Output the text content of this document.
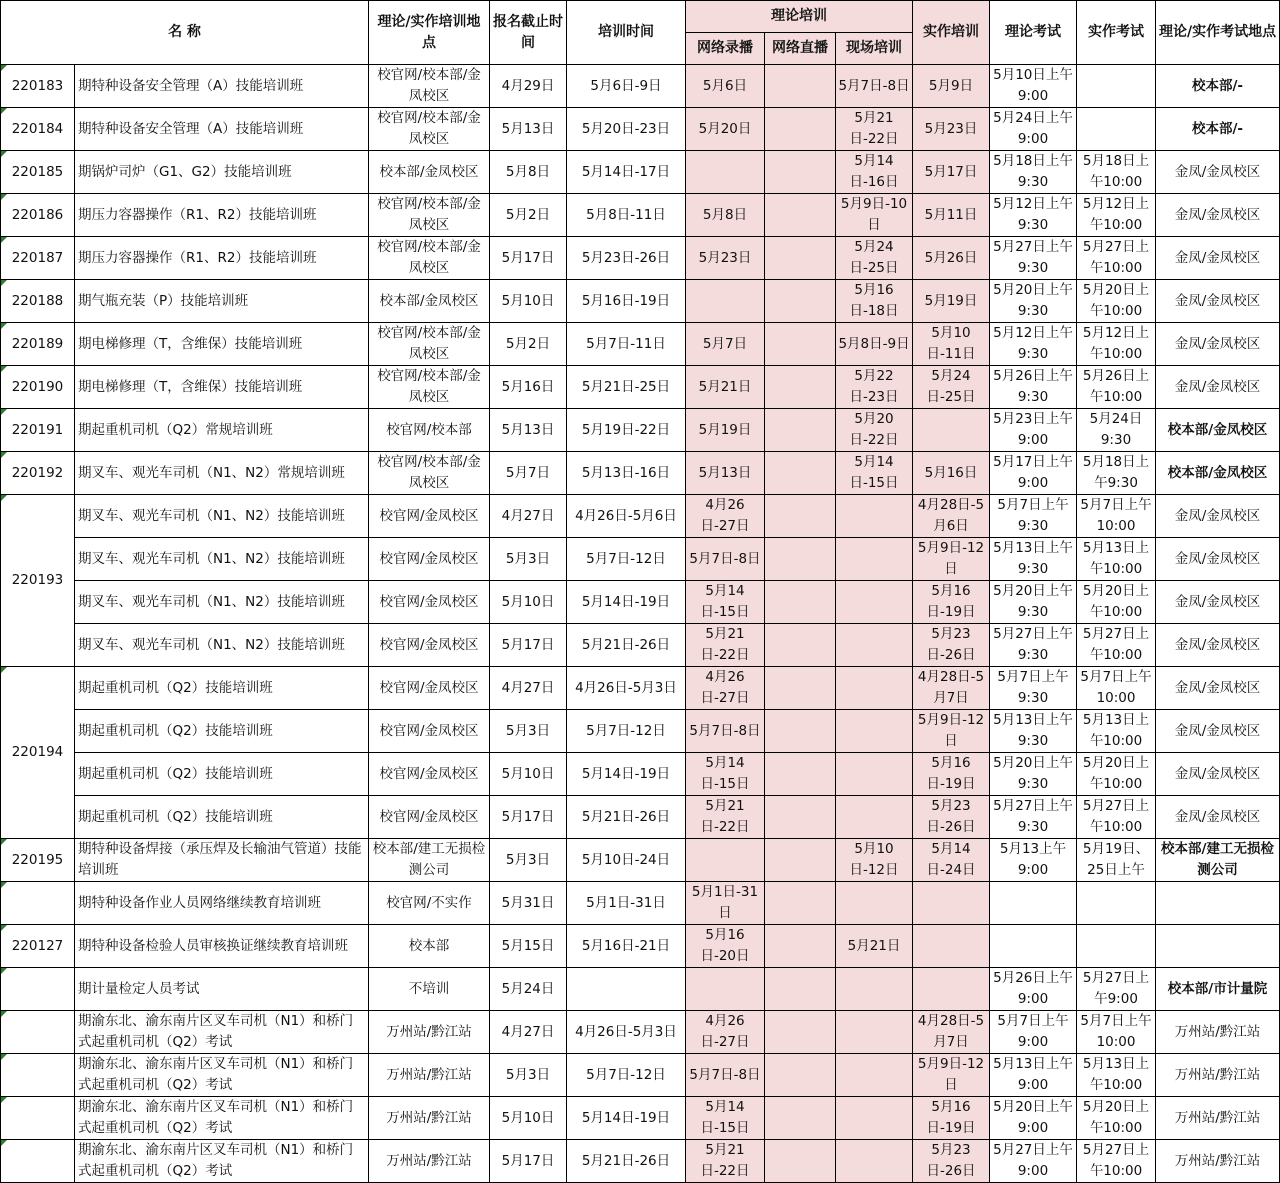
名 称		理论/实作培训地点	报名截止时间	培训时间	理论培训			实作培训	理论考试	实作考试	理论/实作考试地点
					网络录播	网络直播	现场培训				
220183	期特种设备安全管理（A）技能培训班	校官网/校本部/金凤校区	4月29日	5月6日-9日	5月6日		5月7日-8日	5月9日	5月10日上午9:00		校本部/-
220184	期特种设备安全管理（A）技能培训班	校官网/校本部/金凤校区	5月13日	5月20日-23日	5月20日		5月21日-22日	5月23日	5月24日上午9:00		校本部/-
220185	期锅炉司炉（G1、G2）技能培训班	校本部/金凤校区	5月8日	5月14日-17日			5月14日-16日	5月17日	5月18日上午9:30	5月18日上午10:00	金凤/金凤校区
220186	期压力容器操作（R1、R2）技能培训班	校官网/校本部/金凤校区	5月2日	5月8日-11日	5月8日		5月9日-10日	5月11日	5月12日上午9:30	5月12日上午10:00	金凤/金凤校区
220187	期压力容器操作（R1、R2）技能培训班	校官网/校本部/金凤校区	5月17日	5月23日-26日	5月23日		5月24日-25日	5月26日	5月27日上午9:30	5月27日上午10:00	金凤/金凤校区
220188	期气瓶充装（P）技能培训班	校本部/金凤校区	5月10日	5月16日-19日			5月16日-18日	5月19日	5月20日上午9:30	5月20日上午10:00	金凤/金凤校区
220189	期电梯修理（T，含维保）技能培训班	校官网/校本部/金凤校区	5月2日	5月7日-11日	5月7日		5月8日-9日	5月10日-11日	5月12日上午9:30	5月12日上午10:00	金凤/金凤校区
220190	期电梯修理（T，含维保）技能培训班	校官网/校本部/金凤校区	5月16日	5月21日-25日	5月21日		5月22日-23日	5月24日-25日	5月26日上午9:30	5月26日上午10:00	金凤/金凤校区
220191	期起重机司机（Q2）常规培训班	校官网/校本部	5月13日	5月19日-22日	5月19日		5月20日-22日		5月23日上午9:00	5月24日9:30	校本部/金凤校区
220192	期叉车、观光车司机（N1、N2）常规培训班	校官网/校本部/金凤校区	5月7日	5月13日-16日	5月13日		5月14日-15日	5月16日	5月17日上午9:00	5月18日上午9:30	校本部/金凤校区
220193	期叉车、观光车司机（N1、N2）技能培训班	校官网/金凤校区	4月27日	4月26日-5月6日	4月26日-27日			4月28日-5月6日	5月7日上午9:30	5月7日上午10:00	金凤/金凤校区
	期叉车、观光车司机（N1、N2）技能培训班	校官网/金凤校区	5月3日	5月7日-12日	5月7日-8日			5月9日-12日	5月13日上午9:30	5月13日上午10:00	金凤/金凤校区
	期叉车、观光车司机（N1、N2）技能培训班	校官网/金凤校区	5月10日	5月14日-19日	5月14日-15日			5月16日-19日	5月20日上午9:30	5月20日上午10:00	金凤/金凤校区
	期叉车、观光车司机（N1、N2）技能培训班	校官网/金凤校区	5月17日	5月21日-26日	5月21日-22日			5月23日-26日	5月27日上午9:30	5月27日上午10:00	金凤/金凤校区
220194	期起重机司机（Q2）技能培训班	校官网/金凤校区	4月27日	4月26日-5月3日	4月26日-27日			4月28日-5月7日	5月7日上午9:30	5月7日上午10:00	金凤/金凤校区
	期起重机司机（Q2）技能培训班	校官网/金凤校区	5月3日	5月7日-12日	5月7日-8日			5月9日-12日	5月13日上午9:30	5月13日上午10:00	金凤/金凤校区
	期起重机司机（Q2）技能培训班	校官网/金凤校区	5月10日	5月14日-19日	5月14日-15日			5月16日-19日	5月20日上午9:30	5月20日上午10:00	金凤/金凤校区
	期起重机司机（Q2）技能培训班	校官网/金凤校区	5月17日	5月21日-26日	5月21日-22日			5月23日-26日	5月27日上午9:30	5月27日上午10:00	金凤/金凤校区
220195	期特种设备焊接（承压焊及长输油气管道）技能培训班	校本部/建工无损检测公司	5月3日	5月10日-24日			5月10日-12日	5月14日-24日	5月13上午9:00	5月19日、25日上午	校本部/建工无损检测公司
	期特种设备作业人员网络继续教育培训班	校官网/不实作	5月31日	5月1日-31日	5月1日-31日						
220127	期特种设备检验人员审核换证继续教育培训班	校本部	5月15日	5月16日-21日	5月16日-20日		5月21日				
	期计量检定人员考试	不培训	5月24日						5月26日上午9:00	5月27日上午9:00	校本部/市计量院
	期渝东北、渝东南片区叉车司机（N1）和桥门式起重机司机（Q2）考试	万州站/黔江站	4月27日	4月26日-5月3日	4月26日-27日			4月28日-5月7日	5月7日上午9:00	5月7日上午10:00	万州站/黔江站
	期渝东北、渝东南片区叉车司机（N1）和桥门式起重机司机（Q2）考试	万州站/黔江站	5月3日	5月7日-12日	5月7日-8日			5月9日-12日	5月13日上午9:00	5月13日上午10:00	万州站/黔江站
	期渝东北、渝东南片区叉车司机（N1）和桥门式起重机司机（Q2）考试	万州站/黔江站	5月10日	5月14日-19日	5月14日-15日			5月16日-19日	5月20日上午9:00	5月20日上午10:00	万州站/黔江站
	期渝东北、渝东南片区叉车司机（N1）和桥门式起重机司机（Q2）考试	万州站/黔江站	5月17日	5月21日-26日	5月21日-22日			5月23日-26日	5月27日上午9:00	5月27日上午10:00	万州站/黔江站
